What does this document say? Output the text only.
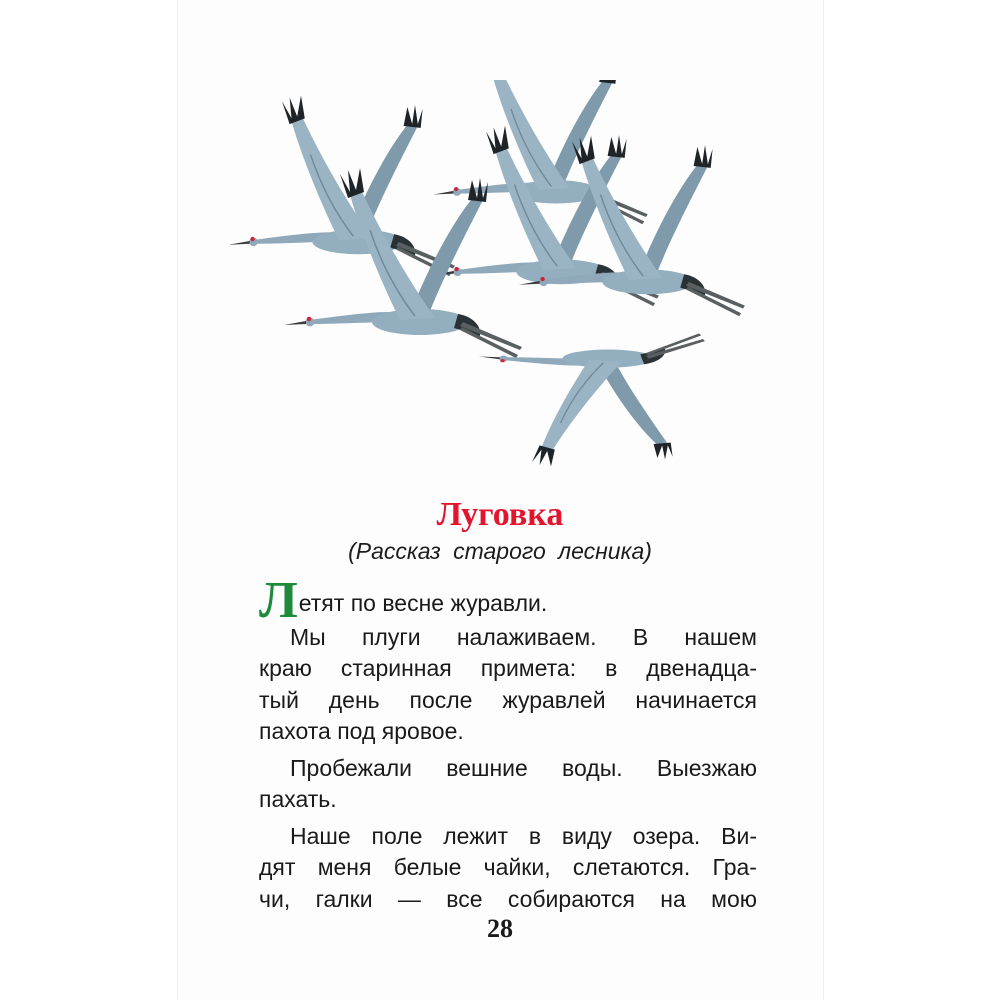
Луговка

(Рассказ старого лесника)

Летят по весне журавли.
Мы плуги налаживаем. В нашем
краю старинная примета: в двенадца-
тый день после журавлей начинается
пахота под яровое.
Пробежали вешние воды. Выезжаю
пахать.
Наше поле лежит в виду озера. Ви-
дят меня белые чайки, слетаются. Гра-
чи, галки — все собираются на мою

28
